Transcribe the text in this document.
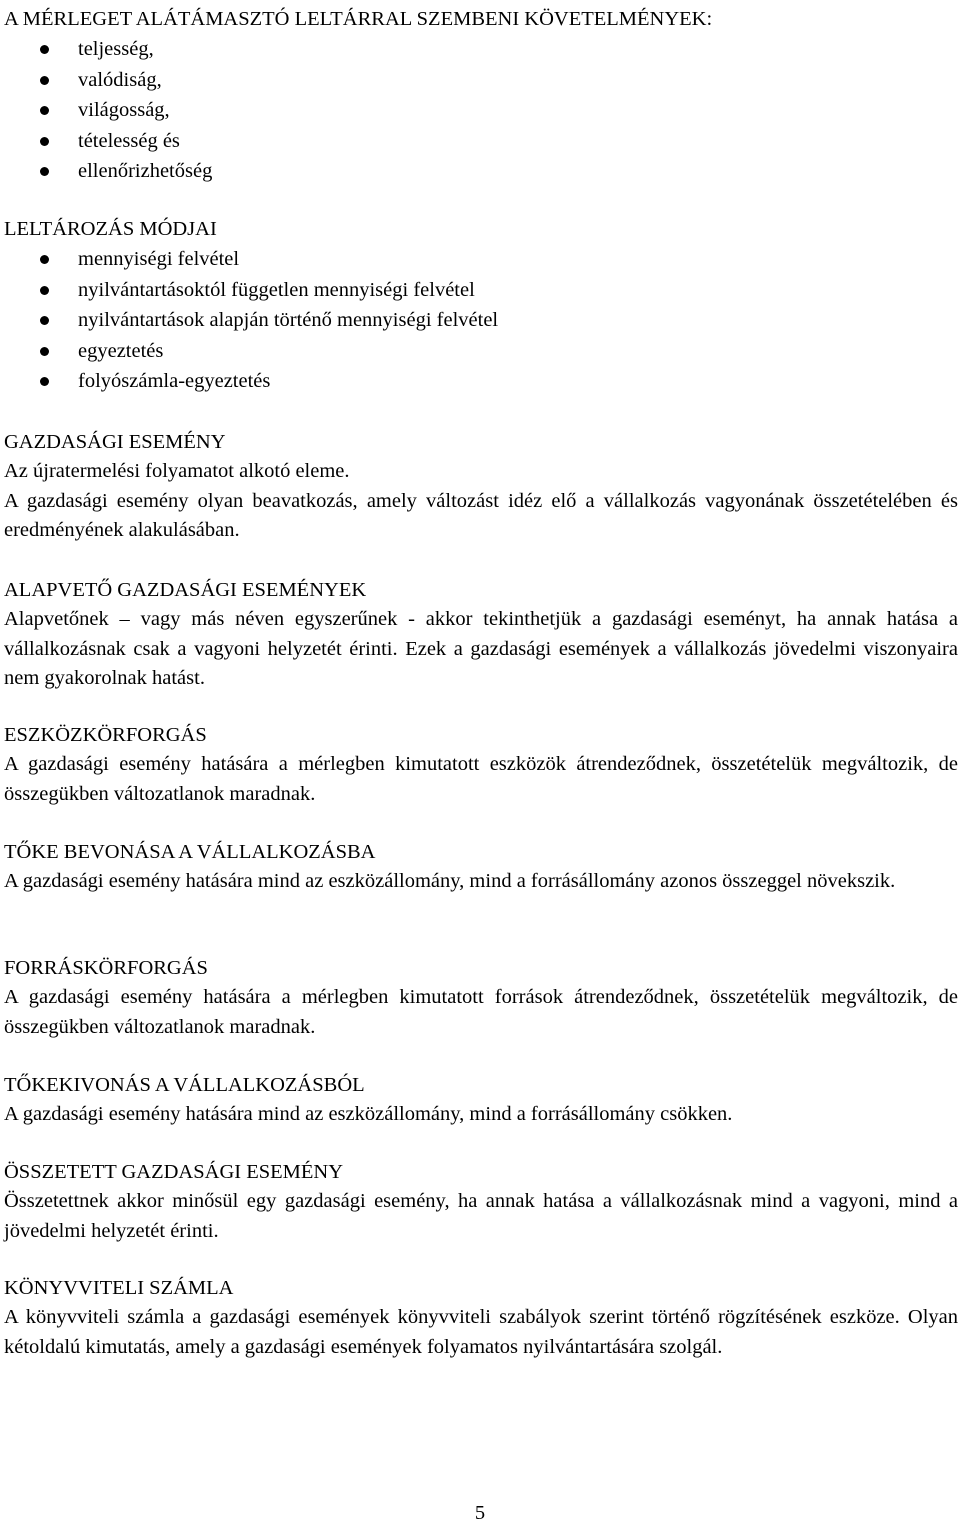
A MÉRLEGET ALÁTÁMASZTÓ LELTÁRRAL SZEMBENI KÖVETELMÉNYEK:
teljesség,
valódiság,
világosság,
tételesség és
ellenőrizhetőség
LELTÁROZÁS MÓDJAI
mennyiségi felvétel
nyilvántartásoktól független mennyiségi felvétel
nyilvántartások alapján történő mennyiségi felvétel
egyeztetés
folyószámla-egyeztetés
GAZDASÁGI ESEMÉNY
Az újratermelési folyamatot alkotó eleme.
A gazdasági esemény olyan beavatkozás, amely változást idéz elő a vállalkozás vagyonának összetételében és eredményének alakulásában.
ALAPVETŐ GAZDASÁGI ESEMÉNYEK
Alapvetőnek – vagy más néven egyszerűnek - akkor tekinthetjük a gazdasági eseményt, ha annak hatása a vállalkozásnak csak a vagyoni helyzetét érinti. Ezek a gazdasági események a vállalkozás jövedelmi viszonyaira nem gyakorolnak hatást.
ESZKÖZKÖRFORGÁS
A gazdasági esemény hatására a mérlegben kimutatott eszközök átrendeződnek, összetételük megváltozik, de összegükben változatlanok maradnak.
TŐKE BEVONÁSA A VÁLLALKOZÁSBA
A gazdasági esemény hatására mind az eszközállomány, mind a forrásállomány azonos összeggel növekszik.
FORRÁSKÖRFORGÁS
A gazdasági esemény hatására a mérlegben kimutatott források átrendeződnek, összetételük megváltozik, de összegükben változatlanok maradnak.
TŐKEKIVONÁS A VÁLLALKOZÁSBÓL
A gazdasági esemény hatására mind az eszközállomány, mind a forrásállomány csökken.
ÖSSZETETT GAZDASÁGI ESEMÉNY
Összetettnek akkor minősül egy gazdasági esemény, ha annak hatása a vállalkozásnak mind a vagyoni, mind a jövedelmi helyzetét érinti.
KÖNYVVITELI SZÁMLA
A könyvviteli számla a gazdasági események könyvviteli szabályok szerint történő rögzítésének eszköze. Olyan kétoldalú kimutatás, amely a gazdasági események folyamatos nyilvántartására szolgál.
5
